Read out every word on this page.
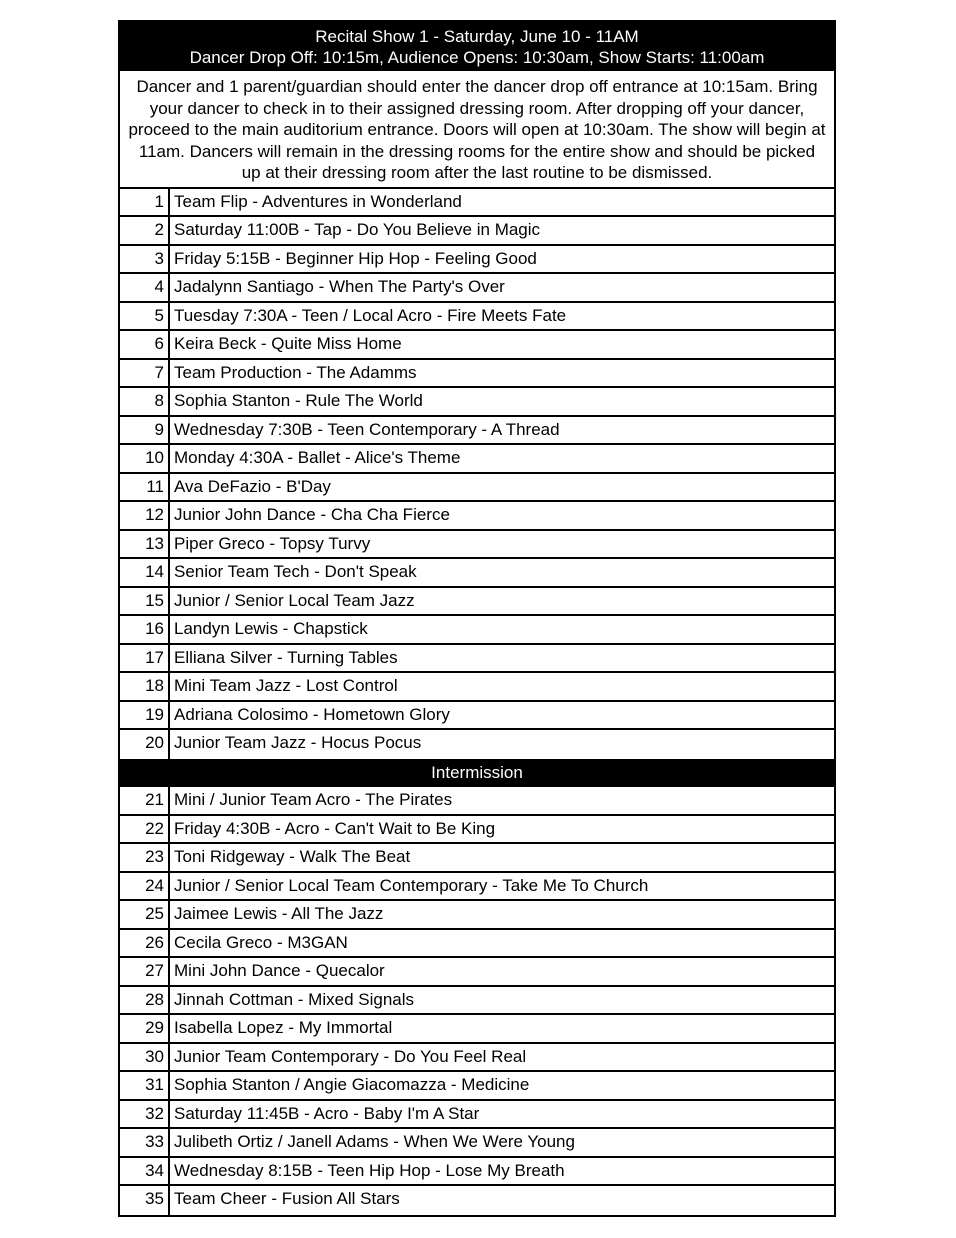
Recital Show 1 - Saturday, June 10 - 11AM
Dancer Drop Off: 10:15m, Audience Opens: 10:30am, Show Starts: 11:00am
Dancer and 1 parent/guardian should enter the dancer drop off entrance at 10:15am. Bring your dancer to check in to their assigned dressing room. After dropping off your dancer, proceed to the main auditorium entrance. Doors will open at 10:30am. The show will begin at 11am. Dancers will remain in the dressing rooms for the entire show and should be picked up at their dressing room after the last routine to be dismissed.
1 Team Flip - Adventures in Wonderland
2 Saturday 11:00B - Tap - Do You Believe in Magic
3 Friday 5:15B - Beginner Hip Hop - Feeling Good
4 Jadalynn Santiago - When The Party's Over
5 Tuesday 7:30A - Teen / Local Acro - Fire Meets Fate
6 Keira Beck - Quite Miss Home
7 Team Production - The Adamms
8 Sophia Stanton - Rule The World
9 Wednesday 7:30B - Teen Contemporary - A Thread
10 Monday 4:30A - Ballet - Alice's Theme
11 Ava DeFazio - B'Day
12 Junior John Dance - Cha Cha Fierce
13 Piper Greco - Topsy Turvy
14 Senior Team Tech - Don't Speak
15 Junior / Senior Local Team Jazz
16 Landyn Lewis - Chapstick
17 Elliana Silver - Turning Tables
18 Mini Team Jazz - Lost Control
19 Adriana Colosimo - Hometown Glory
20 Junior Team Jazz - Hocus Pocus
Intermission
21 Mini / Junior Team Acro - The Pirates
22 Friday 4:30B - Acro - Can't Wait to Be King
23 Toni Ridgeway - Walk The Beat
24 Junior / Senior Local Team Contemporary - Take Me To Church
25 Jaimee Lewis - All The Jazz
26 Cecila Greco - M3GAN
27 Mini John Dance - Quecalor
28 Jinnah Cottman - Mixed Signals
29 Isabella Lopez - My Immortal
30 Junior Team Contemporary - Do You Feel Real
31 Sophia Stanton / Angie Giacomazza - Medicine
32 Saturday 11:45B - Acro - Baby I'm A Star
33 Julibeth Ortiz / Janell Adams - When We Were Young
34 Wednesday 8:15B - Teen Hip Hop - Lose My Breath
35 Team Cheer - Fusion All Stars
